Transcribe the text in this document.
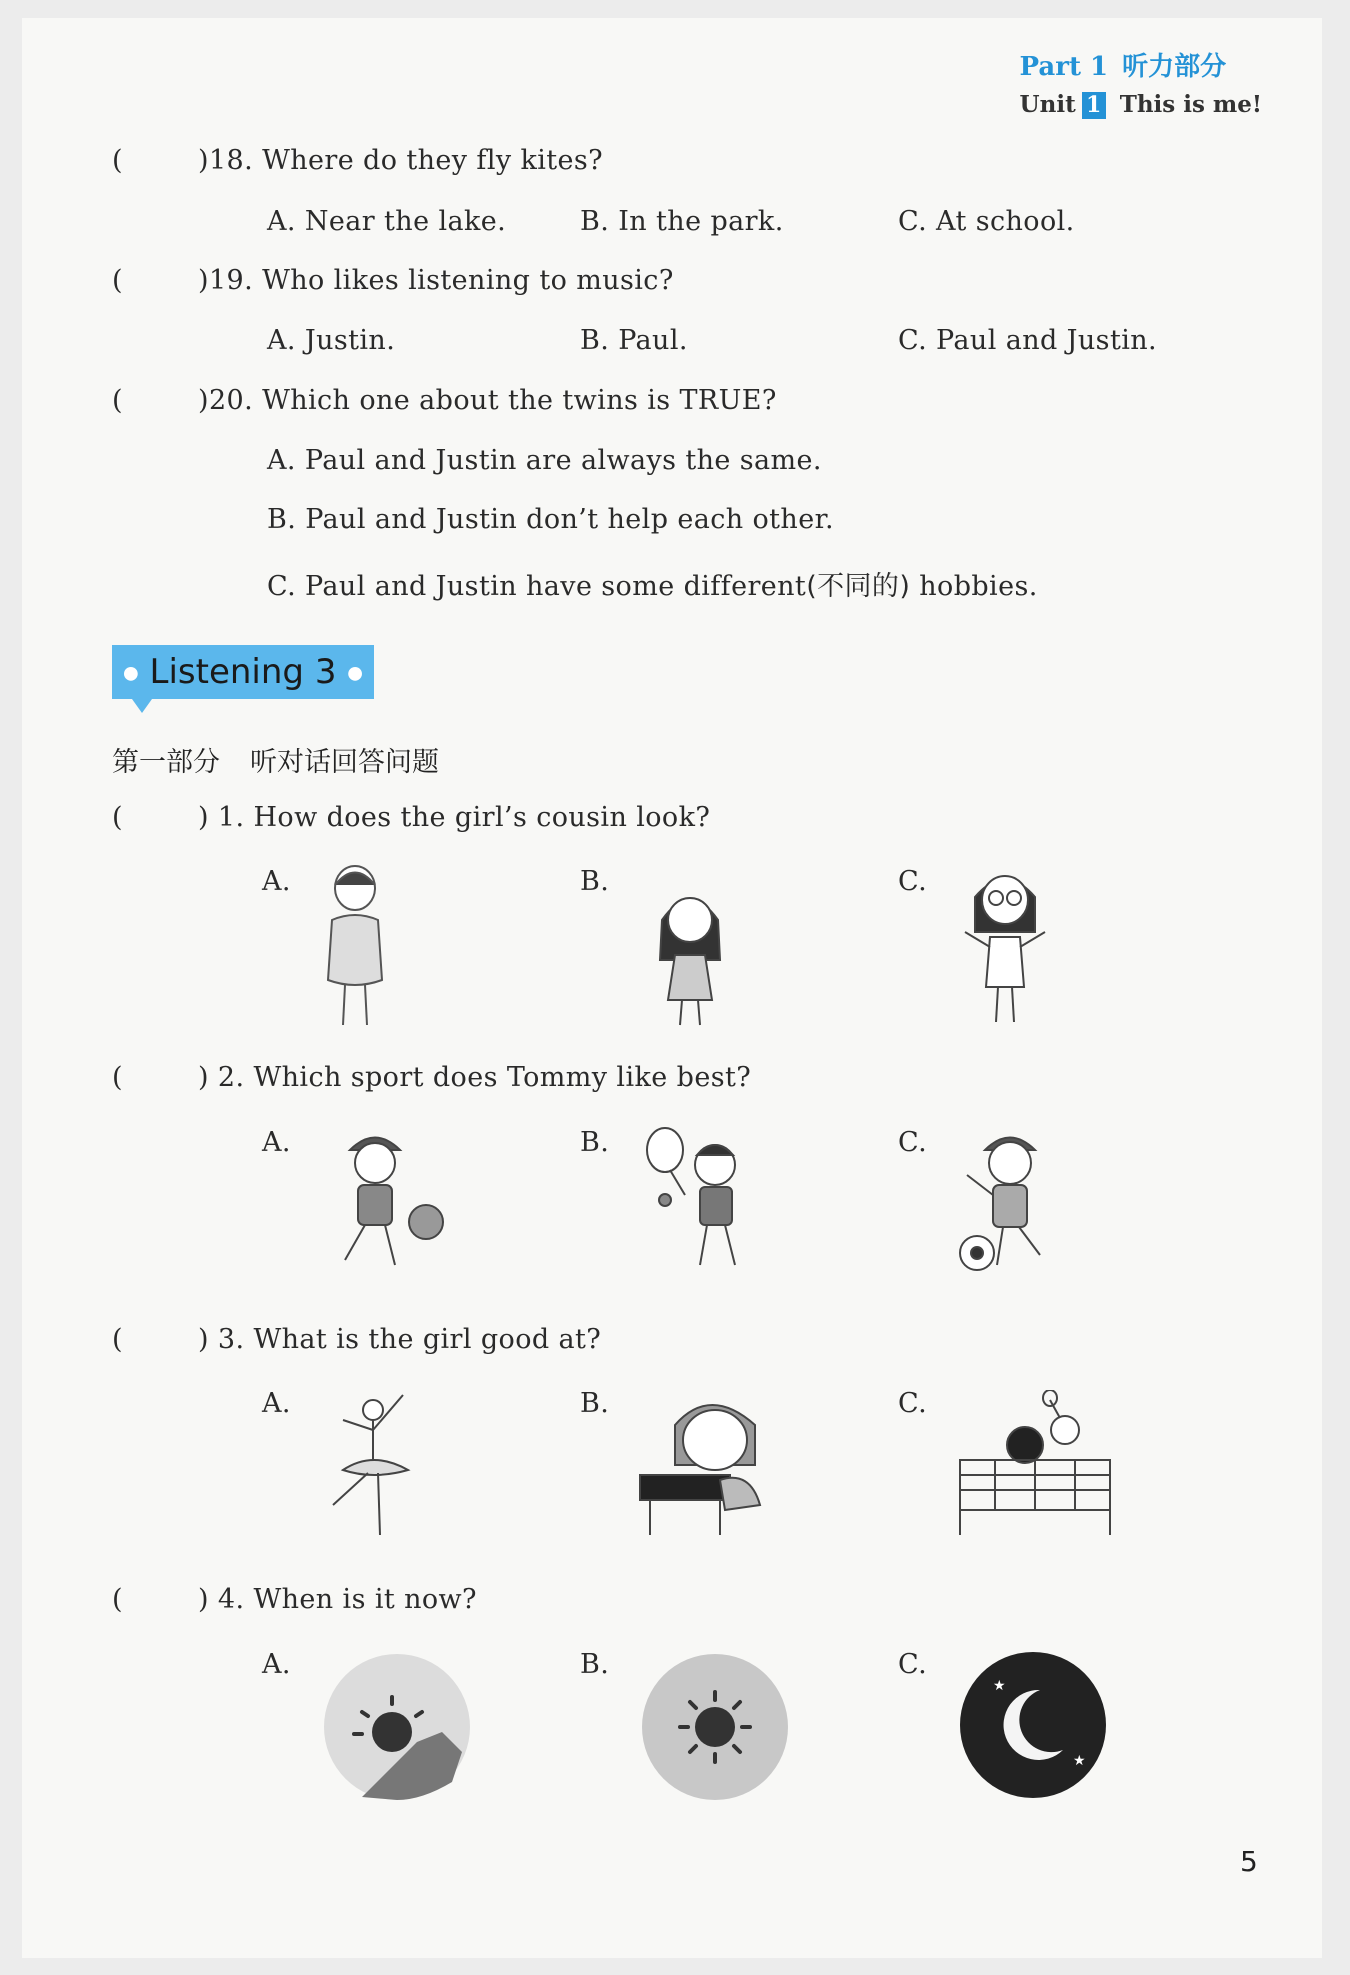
Part 1 听力部分
Unit 1 This is me!
(	)18. Where do they fly kites?
A. Near the lake.	B. In the park.	C. At school.
(	)19. Who likes listening to music?
A. Justin.	B. Paul.	C. Paul and Justin.
(	)20. Which one about the twins is TRUE?
A. Paul and Justin are always the same.
B. Paul and Justin don’t help each other.
C. Paul and Justin have some different(不同的) hobbies.
● Listening 3 ●
第一部分 听对话回答问题
(	) 1. How does the girl’s cousin look?
A.	B.	C.
(	) 2. Which sport does Tommy like best?
A.	B.	C.
(	) 3. What is the girl good at?
A.	B.	C.
(	) 4. When is it now?
A.	B.	C.
★
★
5
